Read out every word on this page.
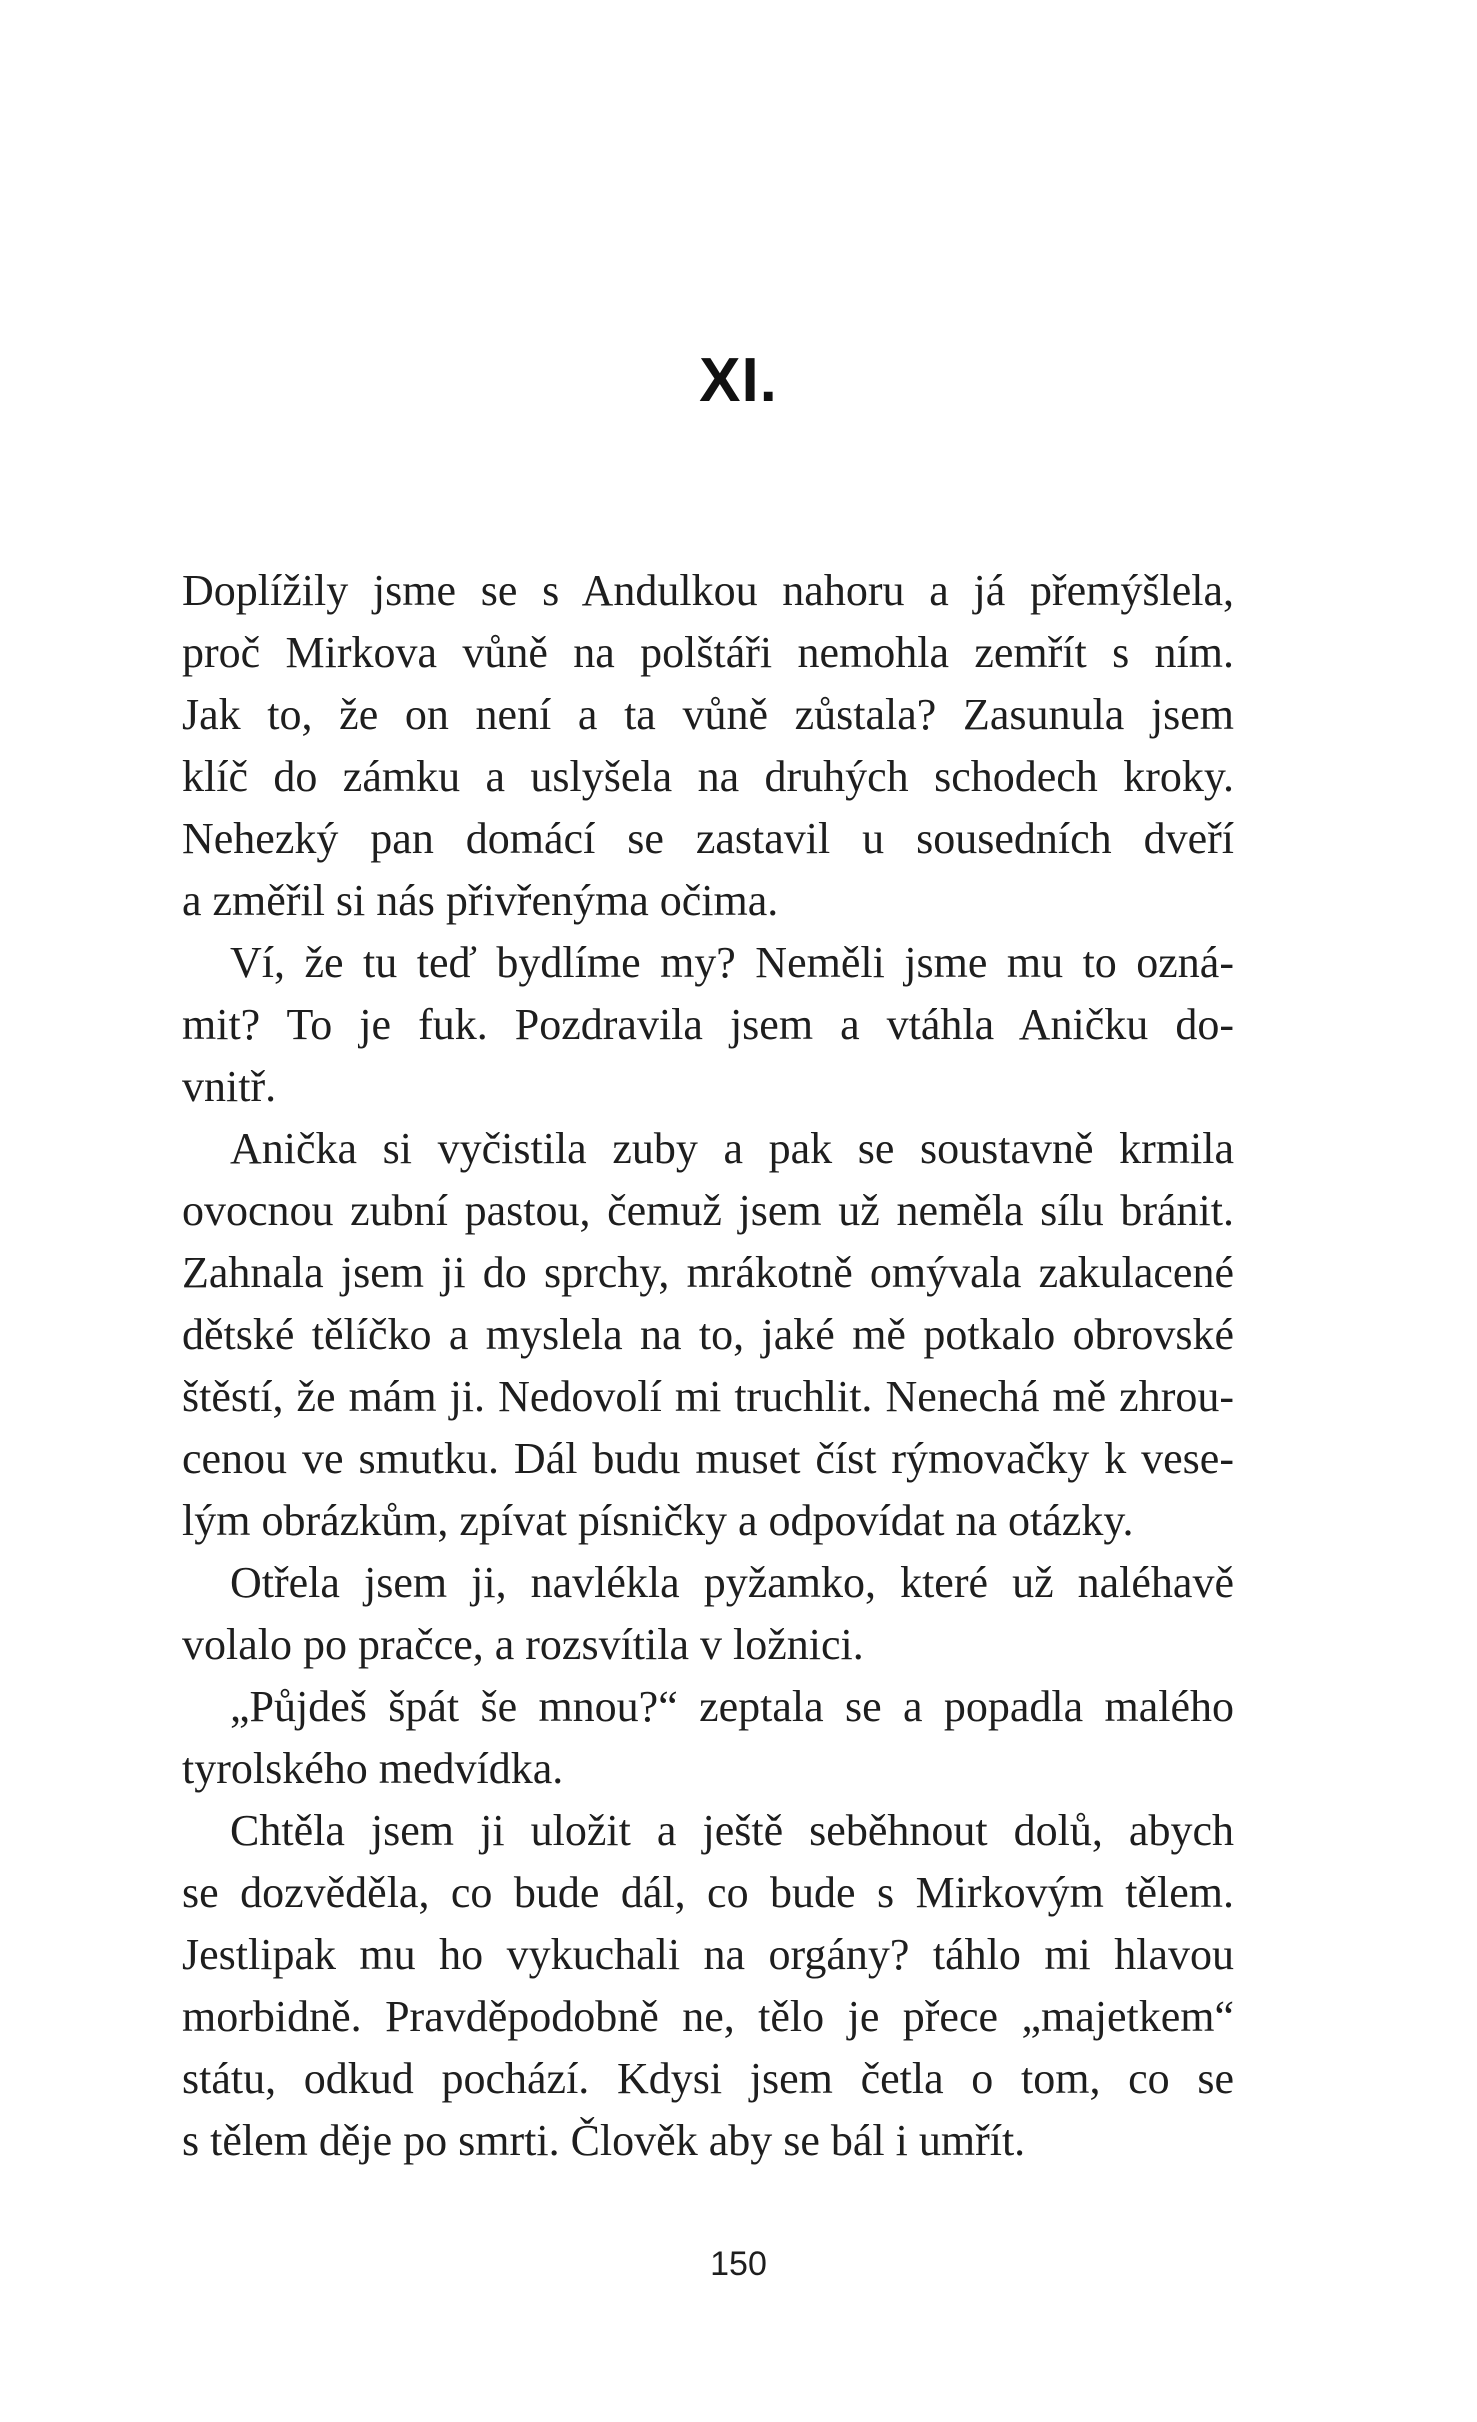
XI.
Doplížily jsme se s Andulkou nahoru a já přemýšlela,
proč Mirkova vůně na polštáři nemohla zemřít s ním.
Jak to, že on není a ta vůně zůstala? Zasunula jsem
klíč do zámku a uslyšela na druhých schodech kroky.
Nehezký pan domácí se zastavil u sousedních dveří
a změřil si nás přivřenýma očima.
Ví, že tu teď bydlíme my? Neměli jsme mu to ozná-
mit? To je fuk. Pozdravila jsem a vtáhla Aničku do-
vnitř.
Anička si vyčistila zuby a pak se soustavně krmila
ovocnou zubní pastou, čemuž jsem už neměla sílu bránit.
Zahnala jsem ji do sprchy, mrákotně omývala zakulacené
dětské tělíčko a myslela na to, jaké mě potkalo obrovské
štěstí, že mám ji. Nedovolí mi truchlit. Nenechá mě zhrou-
cenou ve smutku. Dál budu muset číst rýmovačky k vese-
lým obrázkům, zpívat písničky a odpovídat na otázky.
Otřela jsem ji, navlékla pyžamko, které už naléhavě
volalo po pračce, a rozsvítila v ložnici.
„Půjdeš špát še mnou?“ zeptala se a popadla malého
tyrolského medvídka.
Chtěla jsem ji uložit a ještě seběhnout dolů, abych
se dozvěděla, co bude dál, co bude s Mirkovým tělem.
Jestlipak mu ho vykuchali na orgány? táhlo mi hlavou
morbidně. Pravděpodobně ne, tělo je přece „majetkem“
státu, odkud pochází. Kdysi jsem četla o tom, co se
s tělem děje po smrti. Člověk aby se bál i umřít.
150
